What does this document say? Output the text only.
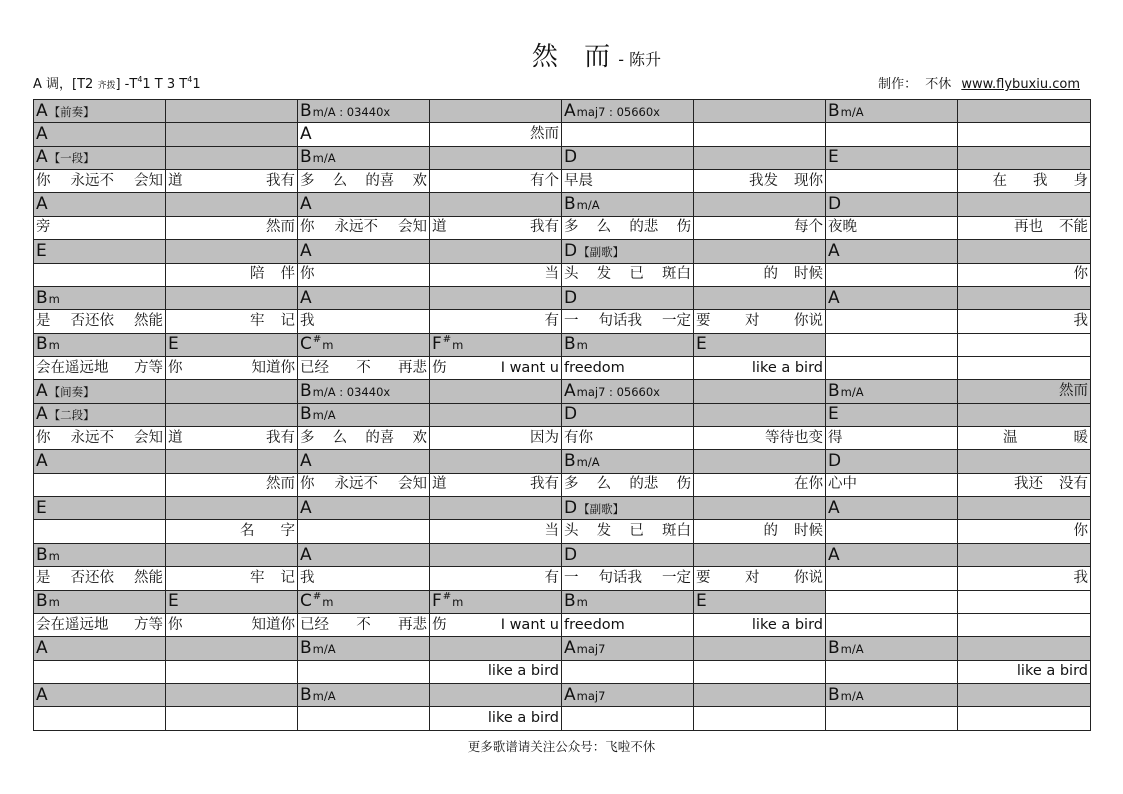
然 而 - 陈升
A 调，[T2 齐拨] $-T^41$ T 3 $T^41$	制作： 不休 www.flybuxiu.com
A 【前奏】		B m/A : 03440x		A maj7 : 05660x		B m/A	

A		A	然而				

A 【一段】		B m/A		D		E	

你 永远不 会知	道 我有	多 么 的喜 欢	有个	早晨	我发 现你		在 我 身

A		A		B m/A		D	

旁	然而	你 永远不 会知	道 我有	多 么 的悲 伤	每个	夜晚	再也 不能

E		A		D 【副歌】		A	

	陪 伴	你	当	头 发 已 斑白	的 时候		你

B m		A		D		A	

是 否还依 然能	牢 记	我	有	一 句话我 一定	要 对 你说		我

B m	E	C # m	F # m	B m	E		

会在遥远地 方等	你 知道你	已经 不 再悲	伤 I want u	freedom	like a bird		

A 【间奏】		B m/A : 03440x		A maj7 : 05660x		B m/A	然而

A 【二段】		B m/A		D		E	

你 永远不 会知	道 我有	多 么 的喜 欢	因为	有你	等待也变	得	温 暖

A		A		B m/A		D	

	然而	你 永远不 会知	道 我有	多 么 的悲 伤	在你	心中	我还 没有

E		A		D 【副歌】		A	

	名 字		当	头 发 已 斑白	的 时候		你

B m		A		D		A	

是 否还依 然能	牢 记	我	有	一 句话我 一定	要 对 你说		我

B m	E	C # m	F # m	B m	E		

会在遥远地 方等	你 知道你	已经 不 再悲	伤 I want u	freedom	like a bird		

A		B m/A		A maj7		B m/A	

			like a bird				like a bird

A		B m/A		A maj7		B m/A	

			like a bird				

更多歌谱请关注公众号：飞啦不休
